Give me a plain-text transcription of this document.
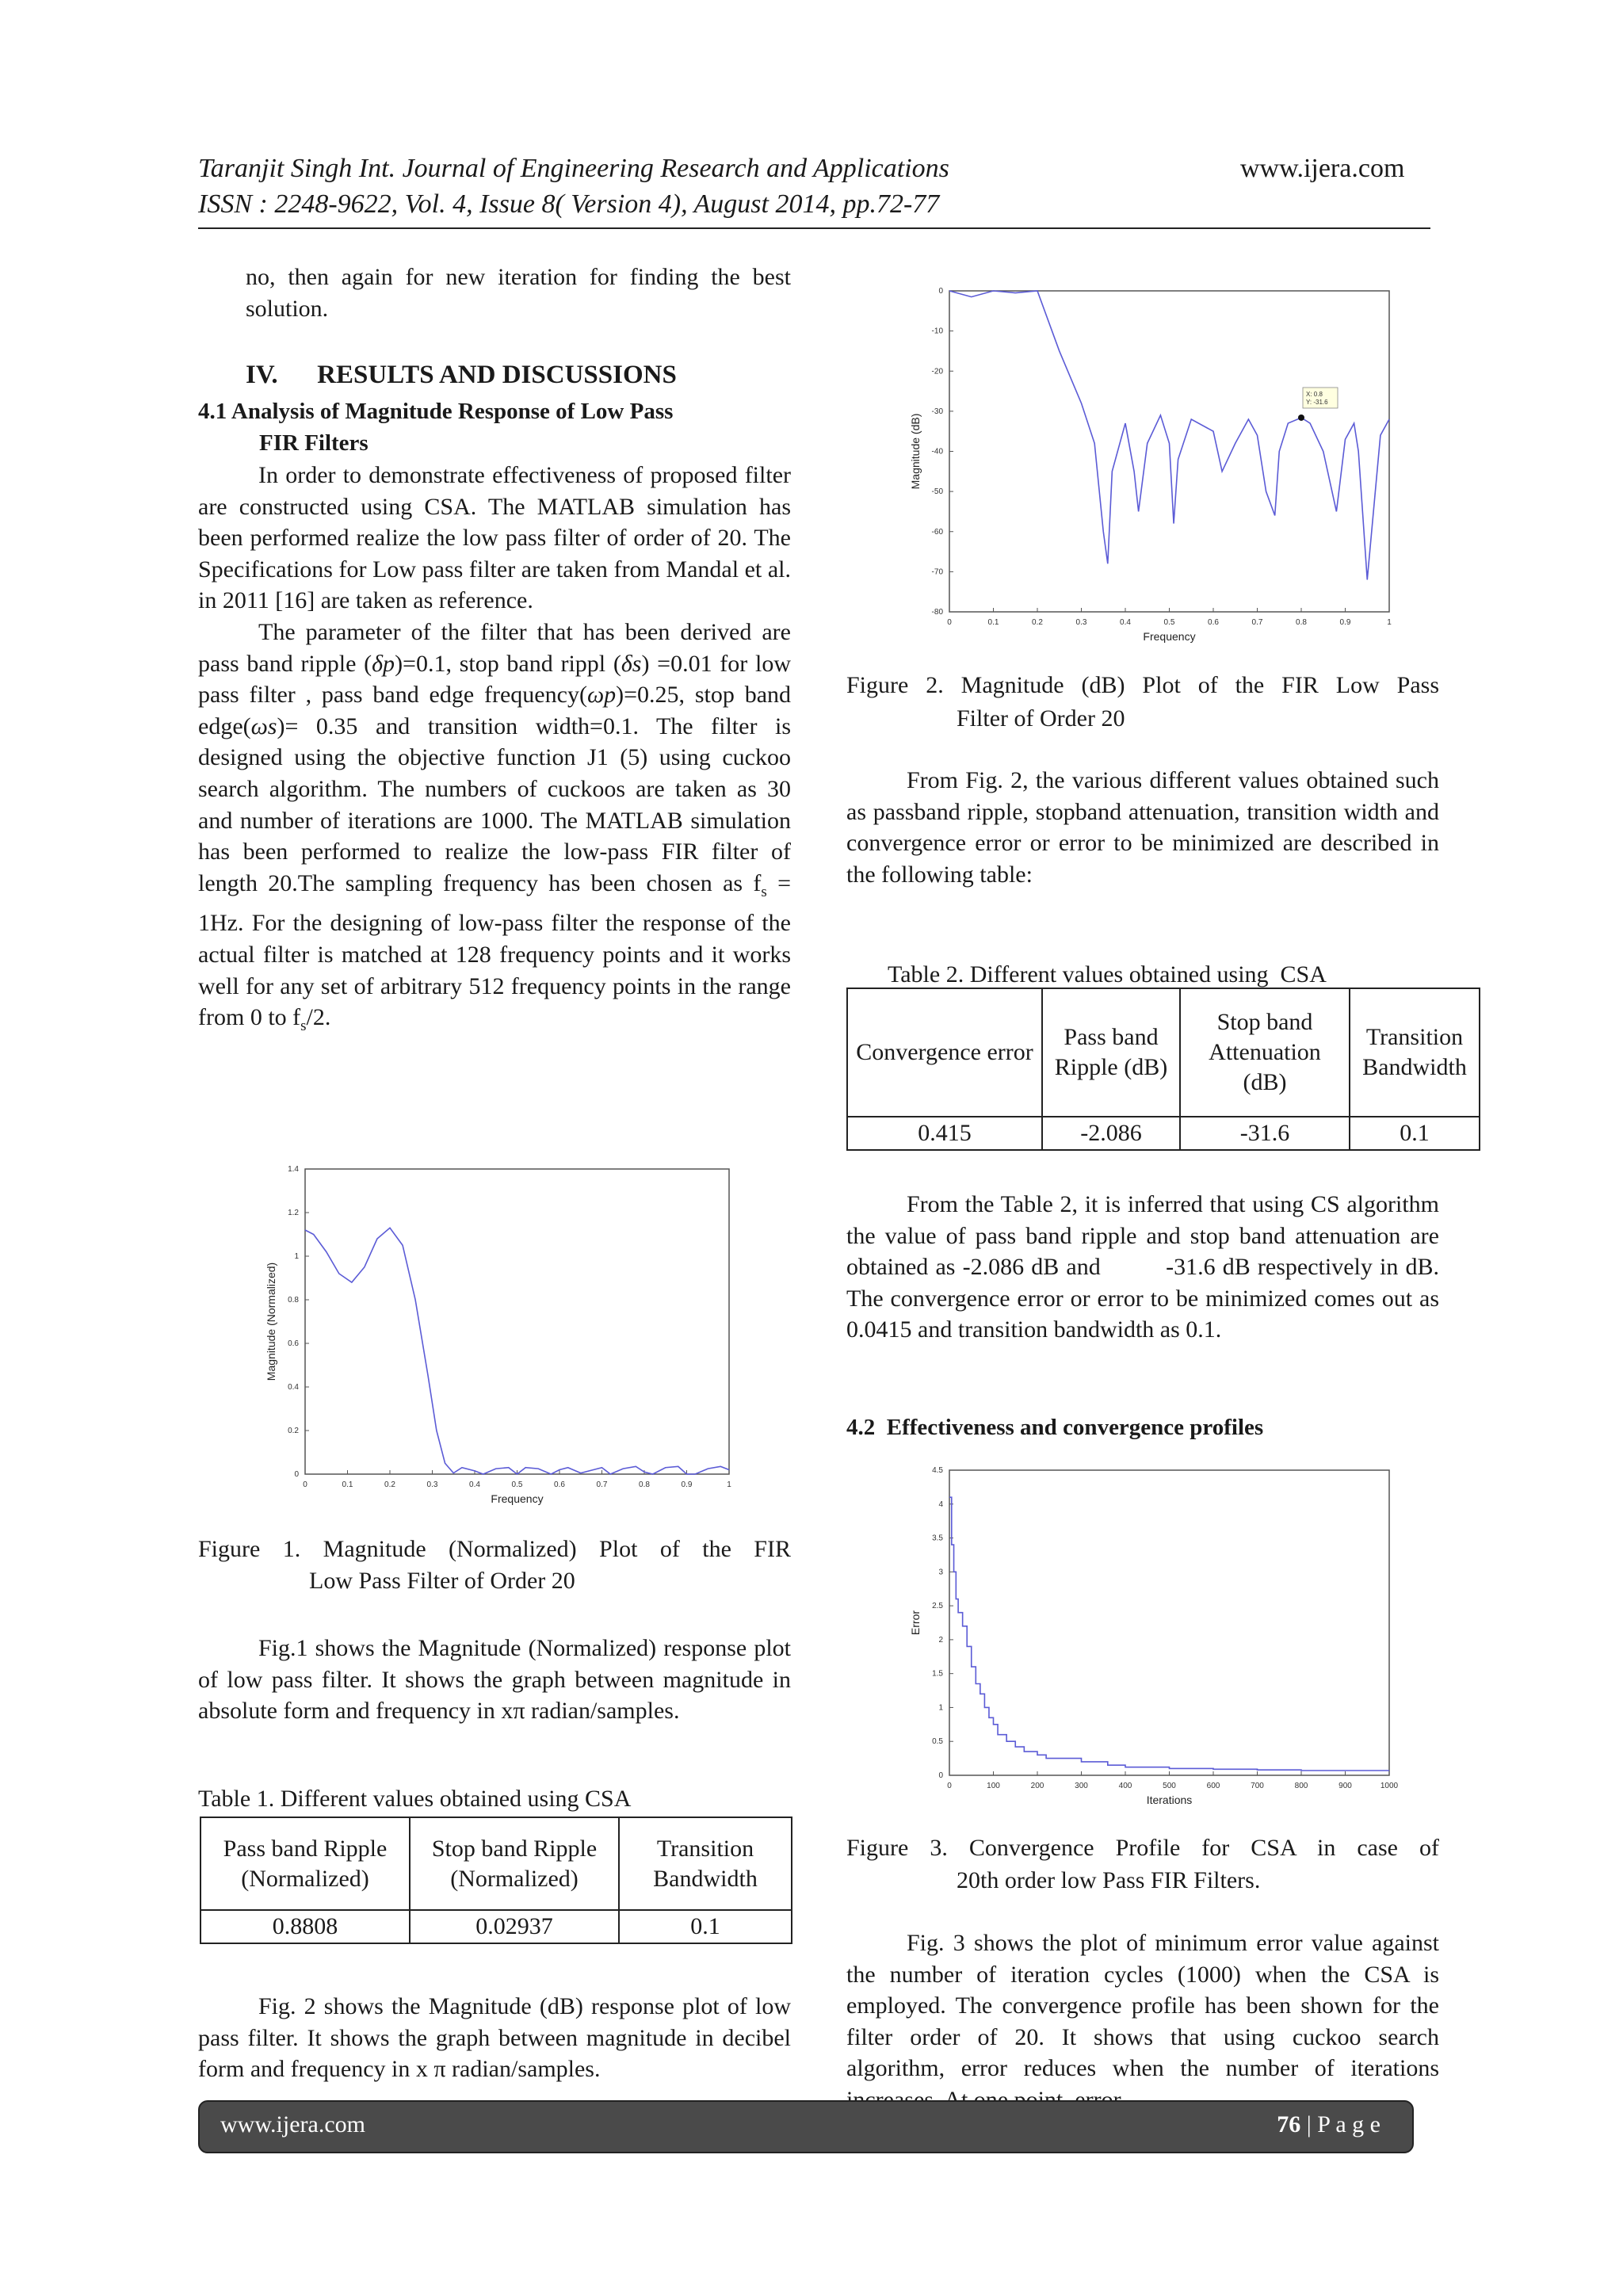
Taranjit Singh Int. Journal of Engineering Research and Applications
ISSN : 2248-9622, Vol. 4, Issue 8( Version 4), August 2014, pp.72-77
www.ijera.com
no, then again for new iteration for finding the best solution.
IV.      RESULTS AND DISCUSSIONS
4.1 Analysis of Magnitude Response of Low Pass
FIR Filters

In order to demonstrate effectiveness of proposed filter are constructed using CSA. The MATLAB simulation has been performed realize the low pass filter of order of 20. The Specifications for Low pass filter are taken from Mandal et al. in 2011 [16] are taken as reference.

The parameter of the filter that has been derived are pass band ripple (δp)=0.1, stop band rippl (δs) =0.01 for low pass filter , pass band edge frequency(ωp)=0.25, stop band edge(ωs)= 0.35 and transition width=0.1. The filter is designed using the objective function J1 (5) using cuckoo search algorithm. The numbers of cuckoos are taken as 30 and number of iterations are 1000. The MATLAB simulation has been performed to realize the low-pass FIR filter of length 20.The sampling frequency has been chosen as $f_s = 1Hz$. For the designing of low-pass filter the response of the actual filter is matched at 128 frequency points and it works well for any set of arbitrary 512 frequency points in the range from 0 to $f_s/2$.

0	0.1	0.2	0.3	0.4	0.5	0.6	0.7	0.8	0.9	1
0
0.2
0.4
0.6
0.8
1
1.2
1.4
Frequency
Magnitude (Normalized)
Figure 1. Magnitude (Normalized) Plot of the FIR
Low Pass Filter of Order 20

Fig.1 shows the Magnitude (Normalized) response plot of low pass filter. It shows the graph between magnitude in absolute form and frequency in xπ radian/samples.

Table 1. Different values obtained using CSA
Pass band Ripple (Normalized)	Stop band Ripple (Normalized)	Transition Bandwidth
0.8808	0.02937	0.1

Fig. 2 shows the Magnitude (dB) response plot of low pass filter. It shows the graph between magnitude in decibel form and frequency in x π radian/samples.

0	0.1	0.2	0.3	0.4	0.5	0.6	0.7	0.8	0.9	1
0
-10
-20
-30
-40
-50
-60
-70
-80
Frequency
Magnitude (dB)
X: 0.8
Y: -31.6
Figure 2. Magnitude (dB) Plot of the FIR Low Pass
Filter of Order 20

From Fig. 2, the various different values obtained such as passband ripple, stopband attenuation, transition width and convergence error or error to be minimized are described in the following table:

Table 2. Different values obtained using  CSA
Convergence error	Pass band Ripple (dB)	Stop band Attenuation (dB)	Transition Bandwidth
0.415	-2.086	-31.6	0.1

From the Table 2, it is inferred that using CS algorithm the value of pass band ripple and stop band attenuation are obtained as -2.086 dB and         -31.6 dB respectively in dB. The convergence error or error to be minimized comes out as 0.0415 and transition bandwidth as 0.1.

4.2  Effectiveness and convergence profiles
0	100	200	300	400	500	600	700	800	900	1000
0
0.5
1
1.5
2
2.5
3
3.5
4
4.5
Iterations
Error
Figure 3. Convergence Profile for CSA in case of
20th order low Pass FIR Filters.

Fig. 3 shows the plot of minimum error value against the number of iteration cycles (1000) when the CSA is employed. The convergence profile has been shown for the filter order of 20. It shows that using cuckoo search algorithm, error reduces when the number of iterations

www.ijera.com	76 | P a g e
